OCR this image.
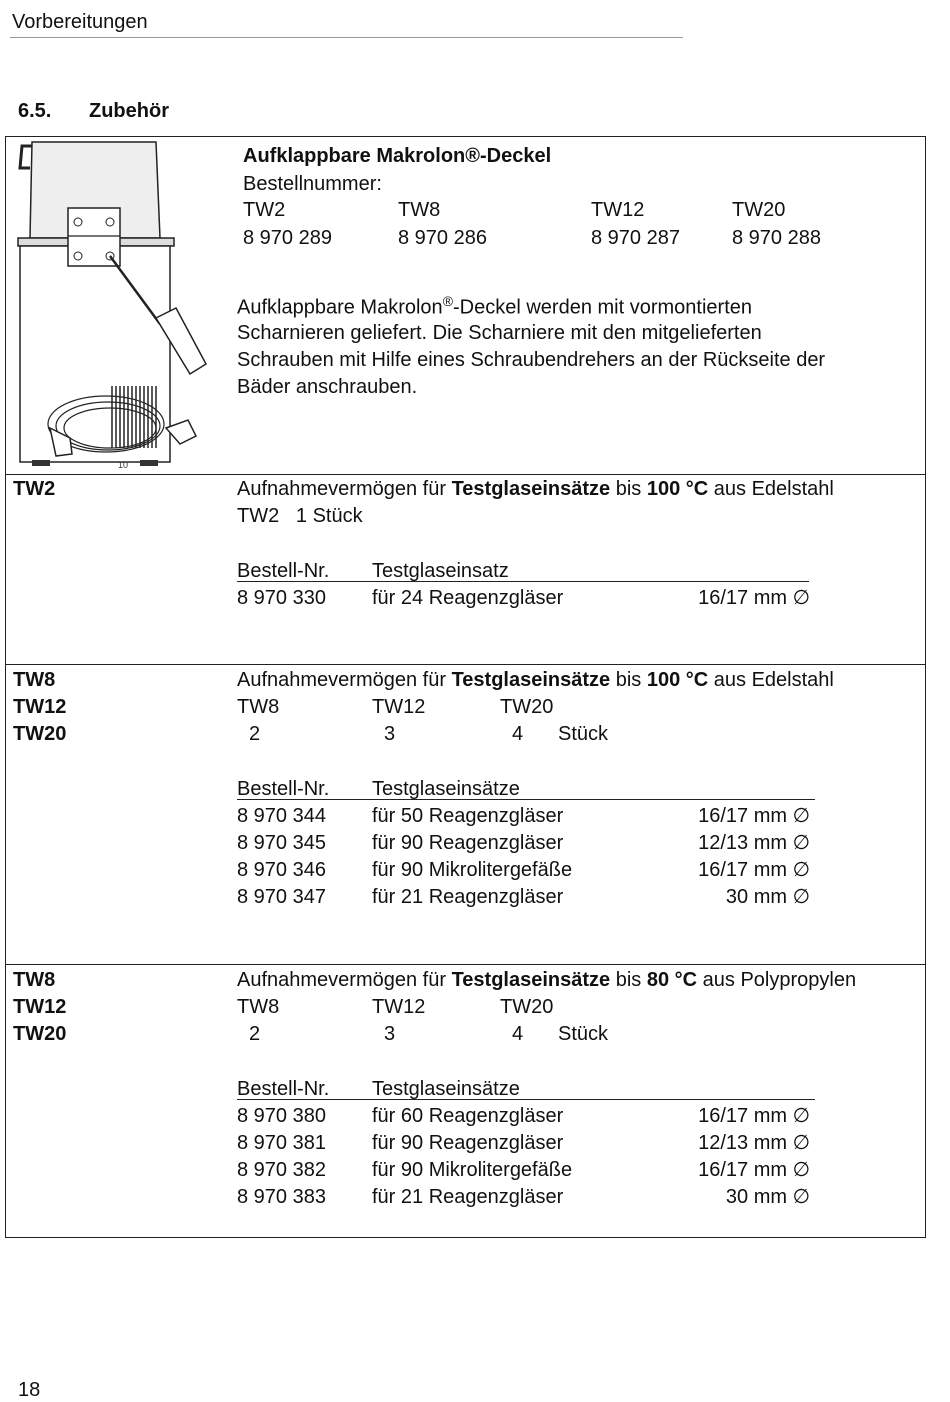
Vorbereitungen
6.5. Zubehör
10
Aufklappbare Makrolon®-Deckel
Bestellnummer:
TW2	TW8	TW12	TW20
8 970 289	8 970 286	8 970 287	8 970 288
Aufklappbare Makrolon®-Deckel werden mit vormontierten
Scharnieren geliefert. Die Scharniere mit den mitgelieferten
Schrauben mit Hilfe eines Schraubendrehers an der Rückseite der
Bäder anschrauben.
TW2	Aufnahmevermögen für Testglaseinsätze bis 100 °C aus Edelstahl
TW2   1 Stück
Bestell-Nr. Testglaseinsatz
8 970 330 für 24 Reagenzgläser	16/17 mm ∅
TW8
TW12
TW20
Aufnahmevermögen für Testglaseinsätze bis 100 °C aus Edelstahl
TW8	TW12	TW20
2	3	4 Stück
Bestell-Nr. Testglaseinsätze
8 970 344 für 50 Reagenzgläser	16/17 mm ∅
8 970 345 für 90 Reagenzgläser	12/13 mm ∅
8 970 346 für 90 Mikrolitergefäße	16/17 mm ∅
8 970 347 für 21 Reagenzgläser	30 mm ∅
TW8
TW12
TW20
Aufnahmevermögen für Testglaseinsätze bis 80 °C aus Polypropylen
TW8	TW12	TW20
2	3	4 Stück
Bestell-Nr. Testglaseinsätze
8 970 380 für 60 Reagenzgläser	16/17 mm ∅
8 970 381 für 90 Reagenzgläser	12/13 mm ∅
8 970 382 für 90 Mikrolitergefäße	16/17 mm ∅
8 970 383 für 21 Reagenzgläser	30 mm ∅
18
